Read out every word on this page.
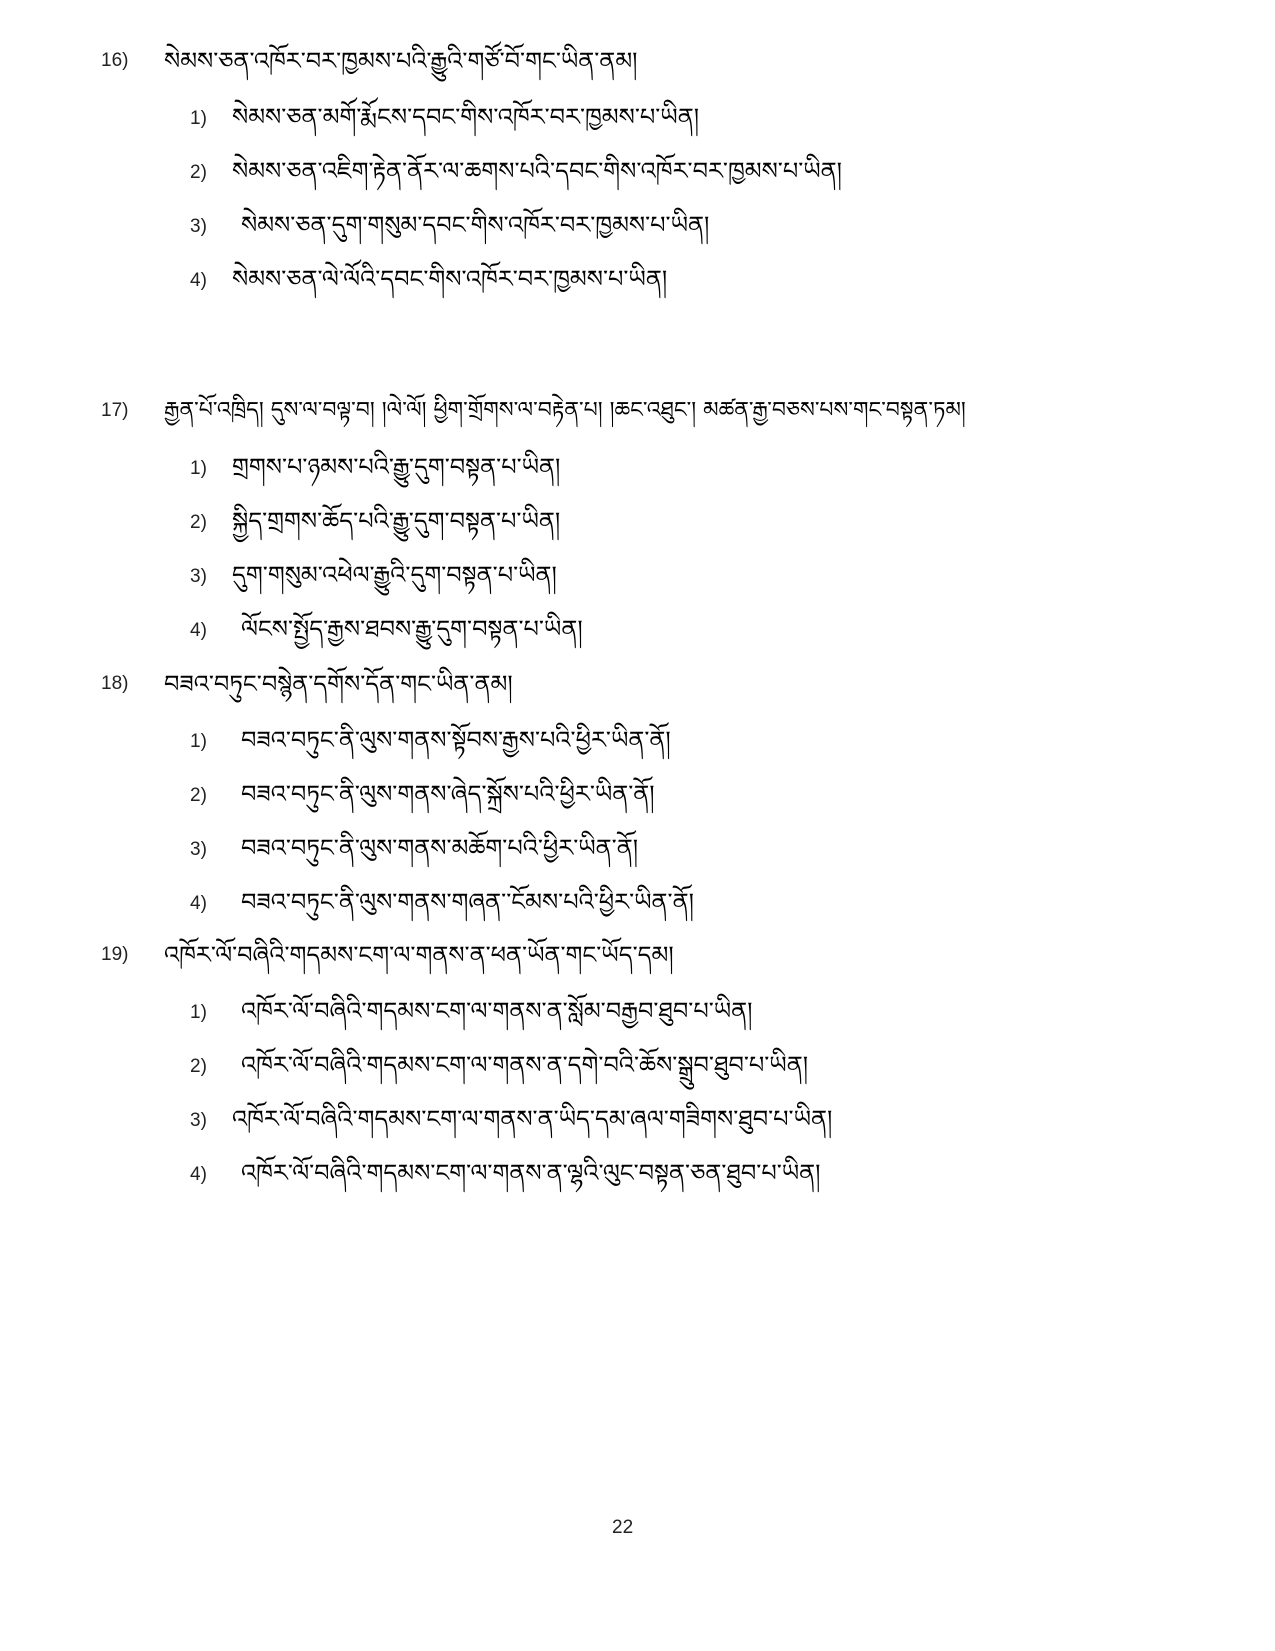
16) སེམས་ཅན་འཁོར་བར་ཁྱམས་པའི་རྒྱུའི་གཙོ་བོ་གང་ཡིན་ནམ།
1) སེམས་ཅན་མགོ་རྨོངས་དབང་གིས་འཁོར་བར་ཁྱམས་པ་ཡིན།
2) སེམས་ཅན་འཇིག་རྟེན་ནོར་ལ་ཆགས་པའི་དབང་གིས་འཁོར་བར་ཁྱམས་པ་ཡིན།
3) སེམས་ཅན་དུག་གསུམ་དབང་གིས་འཁོར་བར་ཁྱམས་པ་ཡིན།
4) སེམས་ཅན་ལེ་ལོའི་དབང་གིས་འཁོར་བར་ཁྱམས་པ་ཡིན།
17) རྒྱན་པོ་འཁྲིད། དུས་ལ་བལྟ་བ། །ལེ་ལོ། ཕྱིག་གྲོགས་ལ་བརྟེན་པ། །ཆང་འཐུང་། མཚན་རྒྱ་བཅས་པས་གང་བསྟན་ཏམ།
1) གྲགས་པ་ཉམས་པའི་རྒྱུ་དུག་བསྟན་པ་ཡིན།
2) སྐྱིད་གྲགས་ཆོད་པའི་རྒྱུ་དུག་བསྟན་པ་ཡིན།
3) དུག་གསུམ་འཕེལ་རྒྱུའི་དུག་བསྟན་པ་ཡིན།
4) ལོངས་སྤྱོད་རྒྱས་ཐབས་རྒྱུ་དུག་བསྟན་པ་ཡིན།
18) བཟའ་བཏུང་བསྙེན་དགོས་དོན་གང་ཡིན་ནམ།
1) བཟའ་བཏུང་ནི་ལུས་གནས་སྟོབས་རྒྱས་པའི་ཕྱིར་ཡིན་ནོ།
2) བཟའ་བཏུང་ནི་ལུས་གནས་ཞེད་སྐྲོས་པའི་ཕྱིར་ཡིན་ནོ།
3) བཟའ་བཏུང་ནི་ལུས་གནས་མཆོག་པའི་ཕྱིར་ཡིན་ནོ།
4) བཟའ་བཏུང་ནི་ལུས་གནས་གཞན་་ངོམས་པའི་ཕྱིར་ཡིན་ནོ།
19) འཁོར་ལོ་བཞིའི་གདམས་ངག་ལ་གནས་ན་ཕན་ཡོན་གང་ཡོད་དམ།
1) འཁོར་ལོ་བཞིའི་གདམས་ངག་ལ་གནས་ན་སློམ་བརྒྱབ་ཐུབ་པ་ཡིན།
2) འཁོར་ལོ་བཞིའི་གདམས་ངག་ལ་གནས་ན་དགེ་བའི་ཆོས་སྒྲུབ་ཐུབ་པ་ཡིན།
3) འཁོར་ལོ་བཞིའི་གདམས་ངག་ལ་གནས་ན་ཡིད་དམ་ཞལ་གཟིགས་ཐུབ་པ་ཡིན།
4) འཁོར་ལོ་བཞིའི་གདམས་ངག་ལ་གནས་ན་ལྷའི་ལུང་བསྟན་ཅན་ཐུབ་པ་ཡིན།
22
